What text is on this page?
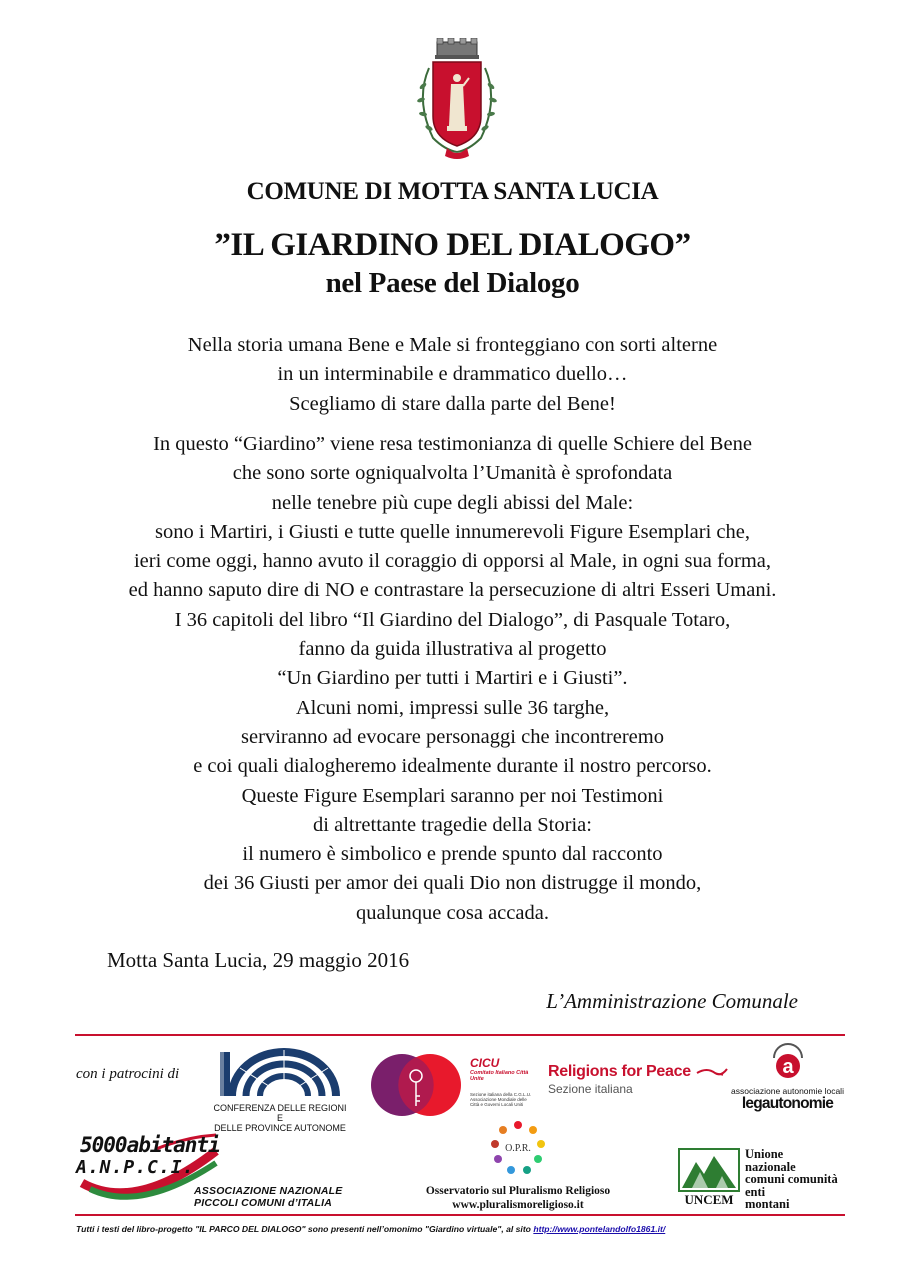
COMUNE DI MOTTA SANTA LUCIA
”IL GIARDINO DEL DIALOGO”
nel Paese del Dialogo
Nella storia umana Bene e Male si fronteggiano con sorti alterne
in un interminabile e drammatico duello…
Scegliamo di stare dalla parte del Bene!
In questo “Giardino” viene resa testimonianza di quelle Schiere del Bene
che sono sorte ogniqualvolta l’Umanità è sprofondata
nelle tenebre più cupe degli abissi del Male:
sono i Martiri, i Giusti e tutte quelle innumerevoli Figure Esemplari che,
ieri come oggi, hanno avuto il coraggio di opporsi al Male, in ogni sua forma,
ed hanno saputo dire di NO e contrastare la persecuzione di altri Esseri Umani.
I 36 capitoli del libro “Il Giardino del Dialogo”, di Pasquale Totaro,
fanno da guida illustrativa al progetto
“Un Giardino per tutti i Martiri e i Giusti”.
Alcuni nomi, impressi sulle 36 targhe,
serviranno ad evocare personaggi che incontreremo
e coi quali dialogheremo idealmente durante il nostro percorso.
Queste Figure Esemplari saranno per noi Testimoni
di altrettante tragedie della Storia:
il numero è simbolico e prende spunto dal racconto
dei 36 Giusti per amor dei quali Dio non distrugge il mondo,
qualunque cosa accada.
Motta Santa Lucia, 29 maggio 2016
L’Amministrazione Comunale
con i patrocini di
CONFERENZA DELLE REGIONI E
DELLE PROVINCE AUTONOME
CICU
Comitato Italiano Città Unite
Sezione italiana della C.G.L.U. Associazione Mondiale delle Città e Governi Locali Uniti
Religions for Peace
Sezione italiana
a
associazione autonomie locali
legautonomie
5000abitanti
A.N.P.C.I.
ASSOCIAZIONE NAZIONALE
PICCOLI COMUNI d’ITALIA
O.P.R.
Osservatorio sul Pluralismo Religioso
www.pluralismoreligioso.it	UNCEM
Unione
nazionale
comuni comunità
enti
montani
Tutti i testi del libro-progetto "IL PARCO DEL DIALOGO" sono presenti nell’omonimo "Giardino virtuale", al sito http://www.pontelandolfo1861.it/
